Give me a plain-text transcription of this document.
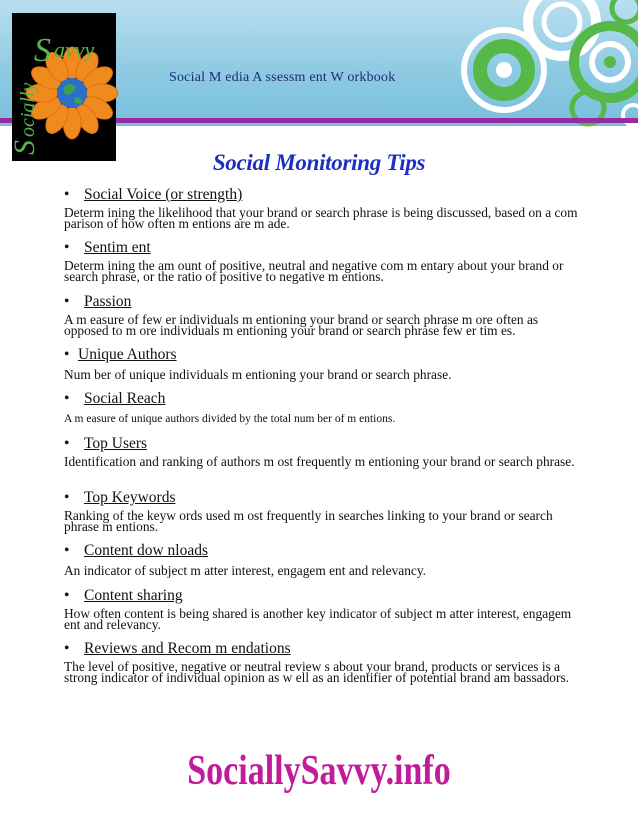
Social M edia A ssessm ent W orkbook
S avvy
S
ocially
Social Monitoring Tips
• Social Voice (or strength)
Determ ining the likelihood that your brand or search phrase is being discussed, based on a com parison of how often m entions are m ade.
• Sentim ent
Determ ining the am ount of positive, neutral and negative com m entary about your brand or search phrase, or the ratio of positive to negative m entions.
• Passion
A m easure of few er individuals m entioning your brand or search phrase m ore often as opposed to m ore individuals m entioning your brand or search phrase few er tim es.
• Unique Authors
Num ber of unique individuals m entioning your brand or search phrase.
• Social Reach
A m easure of unique authors divided by the total num ber of m entions.
• Top Users
Identification and ranking of authors m ost frequently m entioning your brand or search phrase.
• Top Keywords
Ranking of the keyw ords used m ost frequently in searches linking to your brand or search phrase m entions.
• Content dow nloads
An indicator of subject m atter interest, engagem ent and relevancy.
• Content sharing
How often content is being shared is another key indicator of subject m atter interest, engagem ent and relevancy.
• Reviews and Recom m endations
The level of positive, negative or neutral review s about your brand, products or services is a strong indicator of individual opinion as w ell as an identifier of potential brand am bassadors.
SociallySavvy.info
